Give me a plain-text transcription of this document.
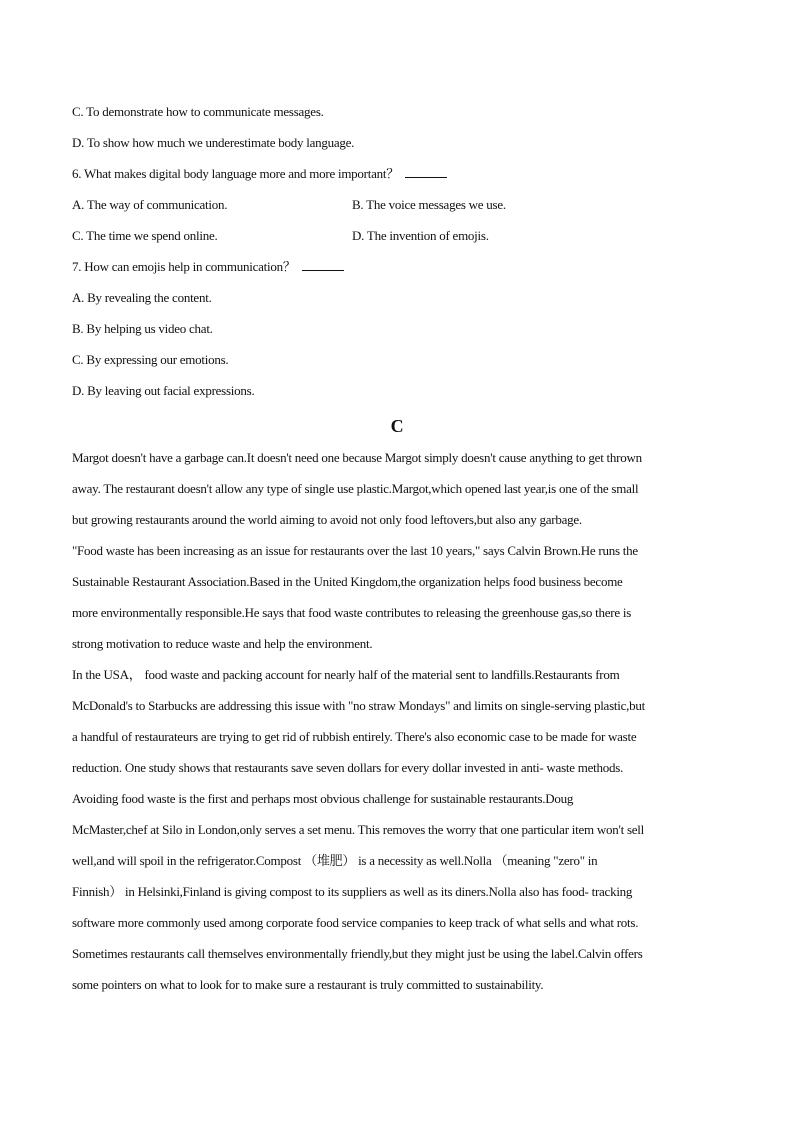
C. To demonstrate how to communicate messages.
D. To show how much we underestimate body language.
6. What makes digital body language more and more important？
A. The way of communication.	B. The voice messages we use.
C. The time we spend online.	D. The invention of emojis.
7. How can emojis help in communication？
A. By revealing the content.
B. By helping us video chat.
C. By expressing our emotions.
D. By leaving out facial expressions.
C
Margot doesn't have a garbage can.It doesn't need one because Margot simply doesn't cause anything to get thrown
away. The restaurant doesn't allow any type of single use plastic.Margot,which opened last year,is one of the small
but growing restaurants around the world aiming to avoid not only food leftovers,but also any garbage.
"Food waste has been increasing as an issue for restaurants over the last 10 years," says Calvin Brown.He runs the
Sustainable Restaurant Association.Based in the United Kingdom,the organization helps food business become
more environmentally responsible.He says that food waste contributes to releasing the greenhouse gas,so there is
strong motivation to reduce waste and help the environment.
In the USA， food waste and packing account for nearly half of the material sent to landfills.Restaurants from
McDonald's to Starbucks are addressing this issue with "no straw Mondays" and limits on single-serving plastic,but
a handful of restaurateurs are trying to get rid of rubbish entirely. There's also economic case to be made for waste
reduction. One study shows that restaurants save seven dollars for every dollar invested in anti- waste methods.
Avoiding food waste is the first and perhaps most obvious challenge for sustainable restaurants.Doug
McMaster,chef at Silo in London,only serves a set menu. This removes the worry that one particular item won't sell
well,and will spoil in the refrigerator.Compost （堆肥） is a necessity as well.Nolla （meaning "zero" in
Finnish） in Helsinki,Finland is giving compost to its suppliers as well as its diners.Nolla also has food- tracking
software more commonly used among corporate food service companies to keep track of what sells and what rots.
Sometimes restaurants call themselves environmentally friendly,but they might just be using the label.Calvin offers
some pointers on what to look for to make sure a restaurant is truly committed to sustainability.
